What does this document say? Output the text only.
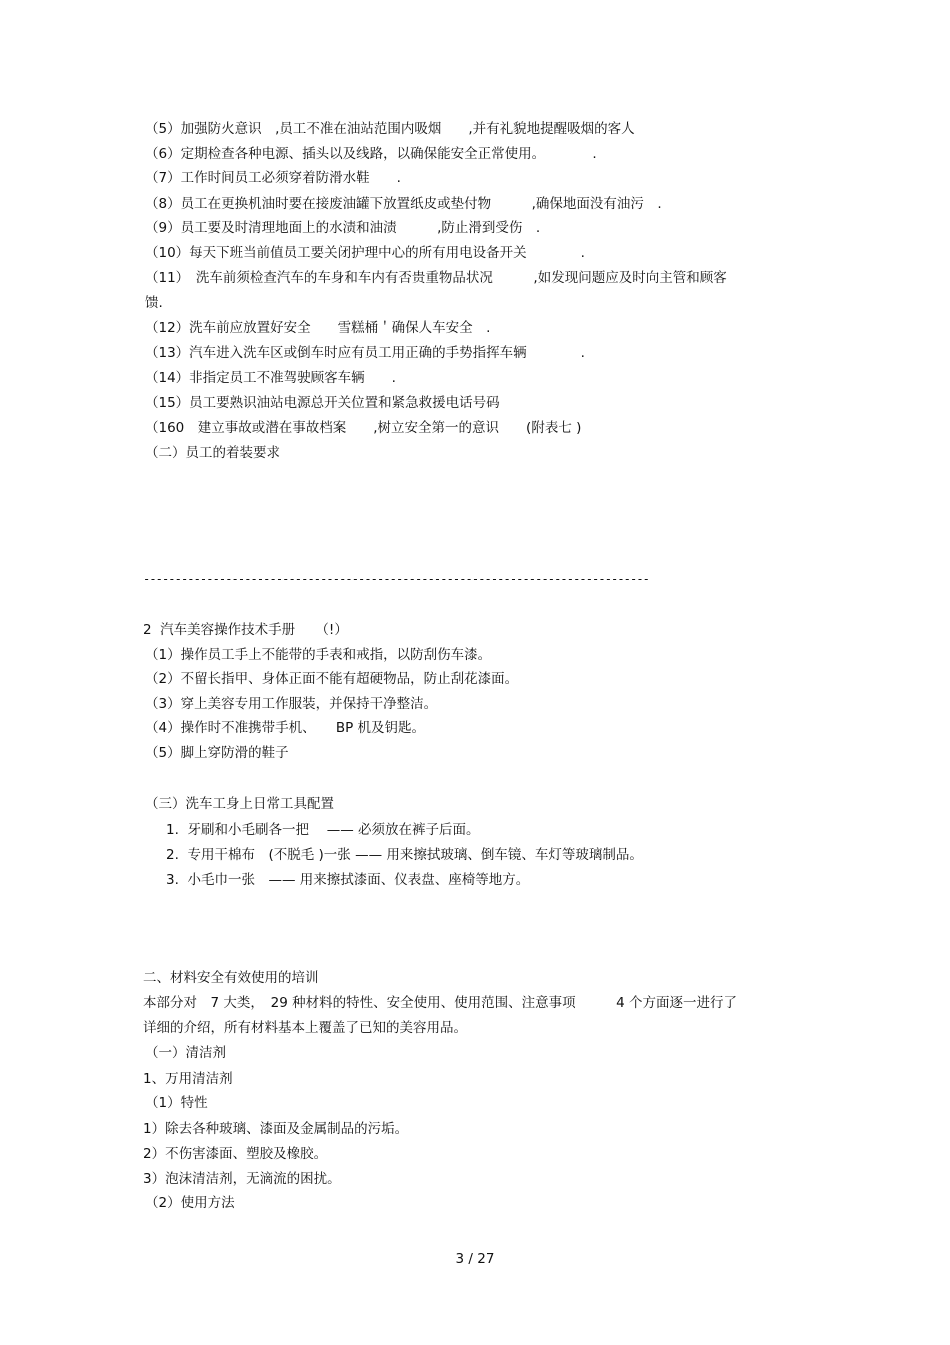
（5）加强防火意识　,员工不准在油站范围内吸烟　　,并有礼貌地提醒吸烟的客人
（6）定期检查各种电源、插头以及线路，以确保能安全正常使用。　　　　.
（7）工作时间员工必须穿着防滑水鞋　　.
（8）员工在更换机油时要在接废油罐下放置纸皮或垫付物　　　,确保地面没有油污　.
（9）员工要及时清理地面上的水渍和油渍　　　,防止滑到受伤　.
（10）每天下班当前值员工要关闭护理中心的所有用电设备开关　　　　.
（11）　洗车前须检查汽车的车身和车内有否贵重物品状况　　　,如发现问题应及时向主管和顾客
馈.
（12）洗车前应放置好安全　　雪糕桶＇确保人车安全　.
（13）汽车进入洗车区或倒车时应有员工用正确的手势指挥车辆　　　　.
（14）非指定员工不准驾驶顾客车辆　　.
（15）员工要熟识油站电源总开关位置和紧急救援电话号码
（160　建立事故或潜在事故档案　　,树立安全第一的意识　　(附表七 )
（二）员工的着装要求
--------------------------------------------------------------------------------
2  汽车美容操作技术手册　　（!）
（1）操作员工手上不能带的手表和戒指，以防刮伤车漆。
（2）不留长指甲、身体正面不能有超硬物品，防止刮花漆面。
（3）穿上美容专用工作服装，并保持干净整洁。
（4）操作时不准携带手机、　　BP 机及钥匙。
（5）脚上穿防滑的鞋子
（三）洗车工身上日常工具配置
1.  牙刷和小毛刷各一把　 —— 必须放在裤子后面。
2.  专用干棉布　(不脱毛 )一张 —— 用来擦拭玻璃、倒车镜、车灯等玻璃制品。
3.  小毛巾一张　—— 用来擦拭漆面、仪表盘、座椅等地方。
二、材料安全有效使用的培训
本部分对　7 大类，　29 种材料的特性、安全使用、使用范围、注意事项　　　4 个方面逐一进行了
详细的介绍，所有材料基本上覆盖了已知的美容用品。
（一）清洁剂
1、万用清洁剂
（1）特性
1）除去各种玻璃、漆面及金属制品的污垢。
2）不伤害漆面、塑胶及橡胶。
3）泡沫清洁剂，无滴流的困扰。
（2）使用方法
3 / 27
